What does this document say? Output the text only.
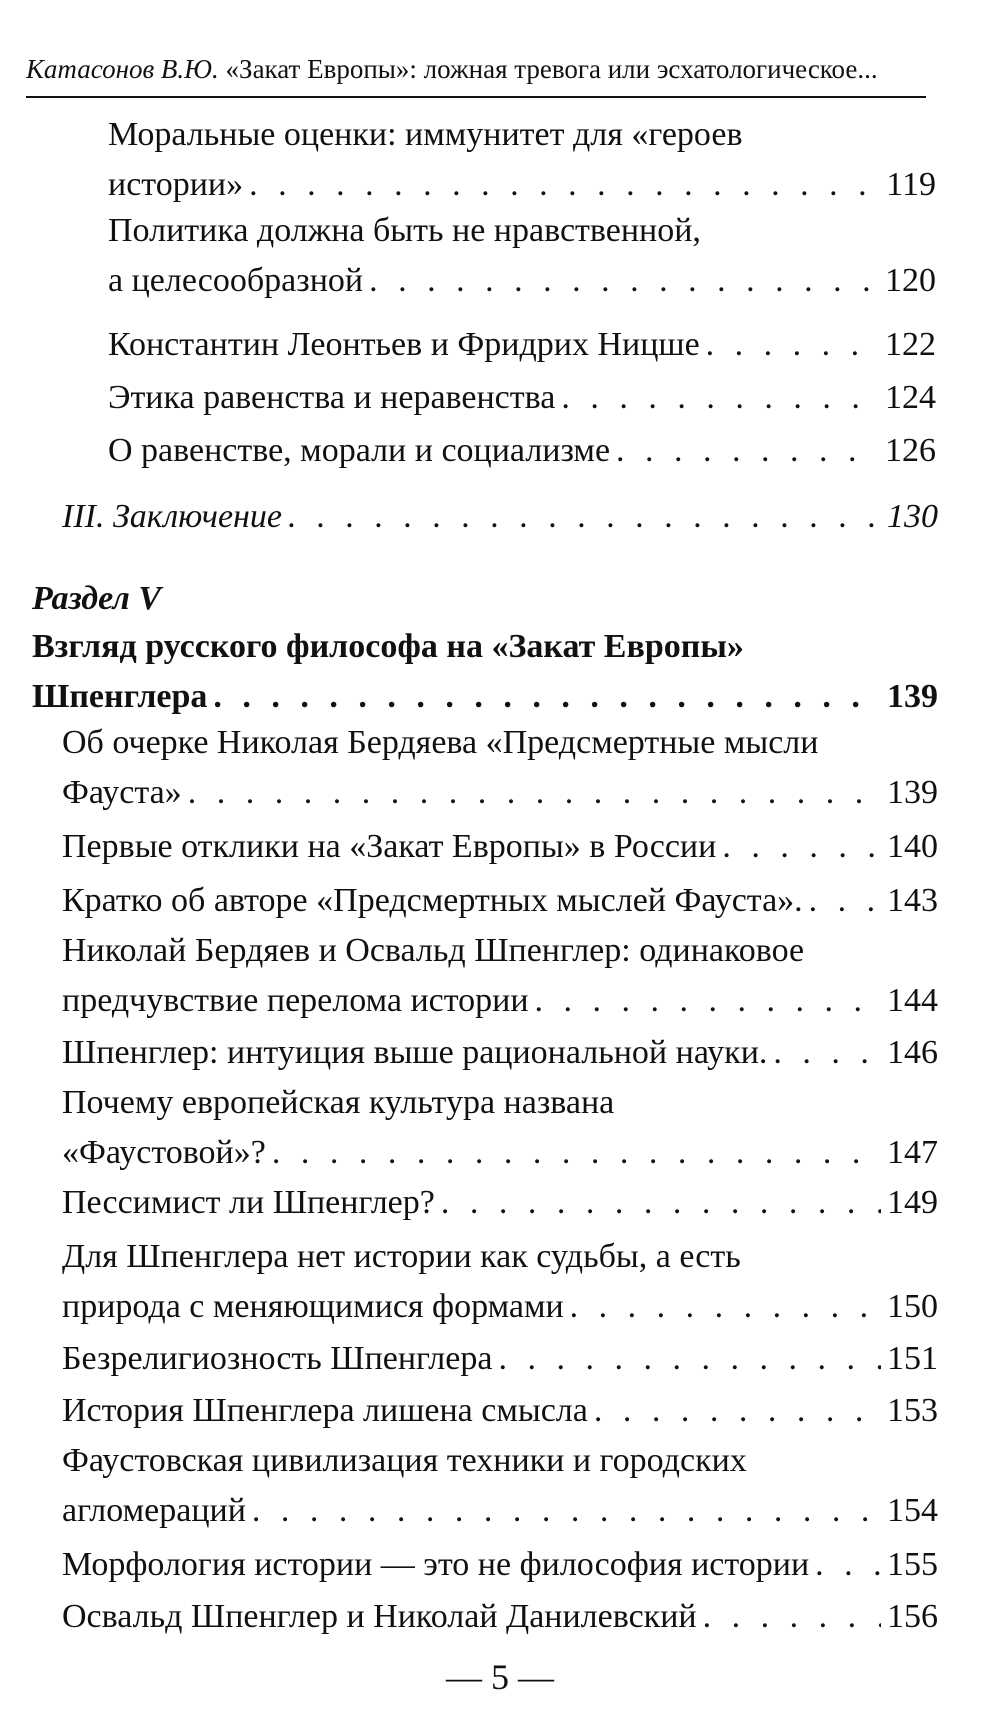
Катасонов В.Ю. «Закат Европы»: ложная тревога или эсхатологическое...
Моральные оценки: иммунитет для «героев
истории» . . .	119
Политика должна быть не нравственной,
а целесообразной . . .	120
Константин Леонтьев и Фридрих Ницше . . .	122
Этика равенства и неравенства . . .	124
О равенстве, морали и социализме . . .	126
III. Заключение . . .	130
Раздел V
Взгляд русского философа на «Закат Европы»
Шпенглера . . .	139
Об очерке Николая Бердяева «Предсмертные мысли
Фауста» . . .	139
Первые отклики на «Закат Европы» в России . . .	140
Кратко об авторе «Предсмертных мыслей Фауста». . . . 143
Николай Бердяев и Освальд Шпенглер: одинаковое
предчувствие перелома истории . . .	144
Шпенглер: интуиция выше рациональной науки. . . .	146
Почему европейская культура названа
«Фаустовой»? . . .	147
Пессимист ли Шпенглер? . . .	149
Для Шпенглера нет истории как судьбы, а есть
природа с меняющимися формами . . .	150
Безрелигиозность Шпенглера . . .	151
История Шпенглера лишена смысла . . .	153
Фаустовская цивилизация техники и городских
агломераций . . .	154
Морфология истории — это не философия истории . . . 155
Освальд Шпенглер и Николай Данилевский . . .	156
— 5 —
